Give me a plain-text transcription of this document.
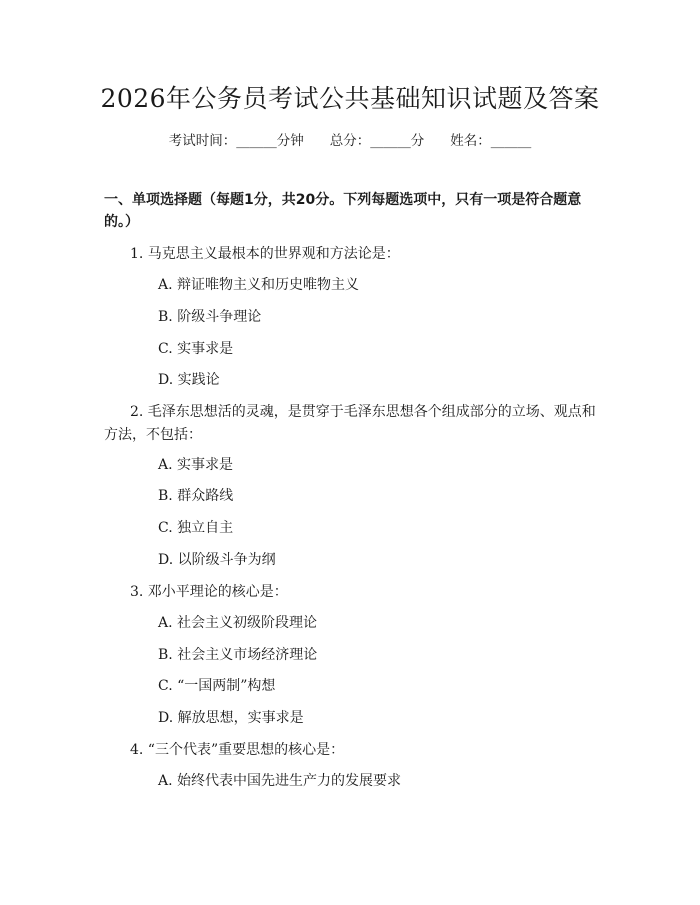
2026年公务员考试公共基础知识试题及答案
考试时间：______分钟 总分：______分 姓名：______
一、单项选择题（每题1分，共20分。下列每题选项中，只有一项是符合题意的。）
1. 马克思主义最根本的世界观和方法论是：
A. 辩证唯物主义和历史唯物主义
B. 阶级斗争理论
C. 实事求是
D. 实践论
2. 毛泽东思想活的灵魂，是贯穿于毛泽东思想各个组成部分的立场、观点和方法，不包括：
A. 实事求是
B. 群众路线
C. 独立自主
D. 以阶级斗争为纲
3. 邓小平理论的核心是：
A. 社会主义初级阶段理论
B. 社会主义市场经济理论
C. “一国两制”构想
D. 解放思想，实事求是
4. “三个代表”重要思想的核心是：
A. 始终代表中国先进生产力的发展要求
